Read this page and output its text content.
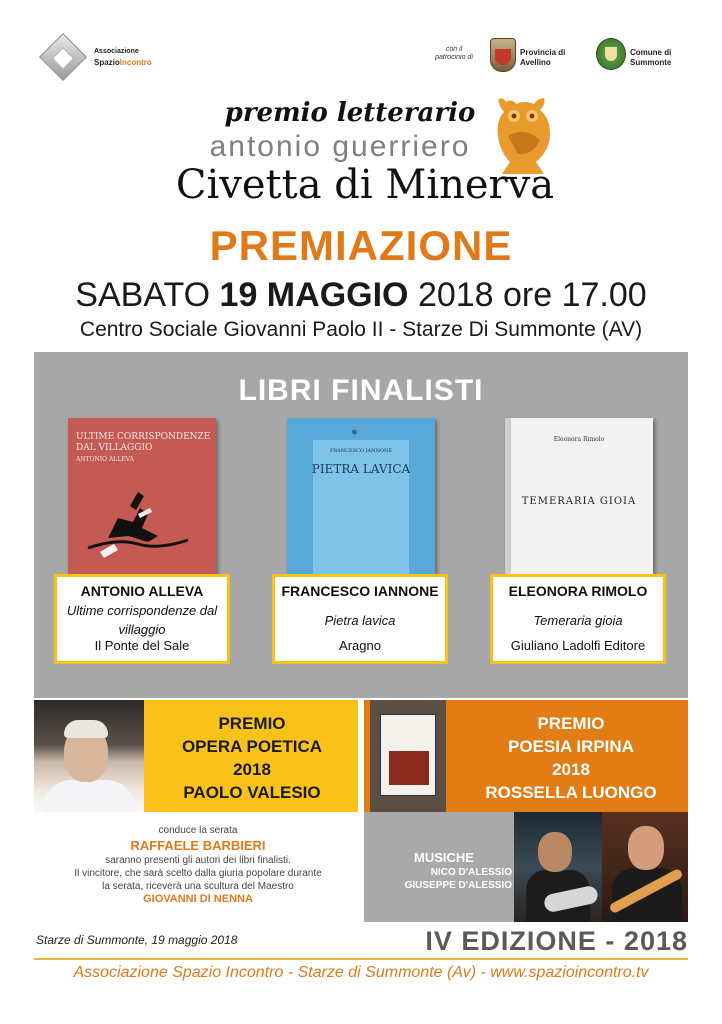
Associazione
SpazioIncontro
con il patrocinio di
Provincia di Avellino
Comune di Summonte
premio letterario
antonio guerriero
Civetta di Minerva
PREMIAZIONE
SABATO 19 MAGGIO 2018 ore 17.00
Centro Sociale Giovanni Paolo II - Starze Di Summonte (AV)
LIBRI FINALISTI
ULTIME CORRISPONDENZE DAL VILLAGGIO
ANTONIO ALLEVA
✵
FRANCESCO IANNONE
PIETRA LAVICA
Eleonora Rimolo
TEMERARIA GIOIA
ANTONIO ALLEVA
Ultime corrispondenze dal villaggio
Il Ponte del Sale
FRANCESCO IANNONE
Pietra lavica
Aragno
ELEONORA RIMOLO
Temeraria gioia
Giuliano Ladolfi Editore
PREMIO
OPERA POETICA
2018
PAOLO VALESIO
PREMIO
POESIA IRPINA
2018
ROSSELLA LUONGO
conduce la serata
RAFFAELE BARBIERI
saranno presenti gli autori dei libri finalisti.
Il vincitore, che sarà scelto dalla giuria popolare durante
la serata, riceverà una scultura del Maestro
GIOVANNI DI NENNA
MUSICHE
NICO D'ALESSIO
GIUSEPPE D'ALESSIO
Starze di Summonte, 19 maggio 2018	IV EDIZIONE - 2018
Associazione Spazio Incontro - Starze di Summonte (Av) - www.spazioincontro.tv
